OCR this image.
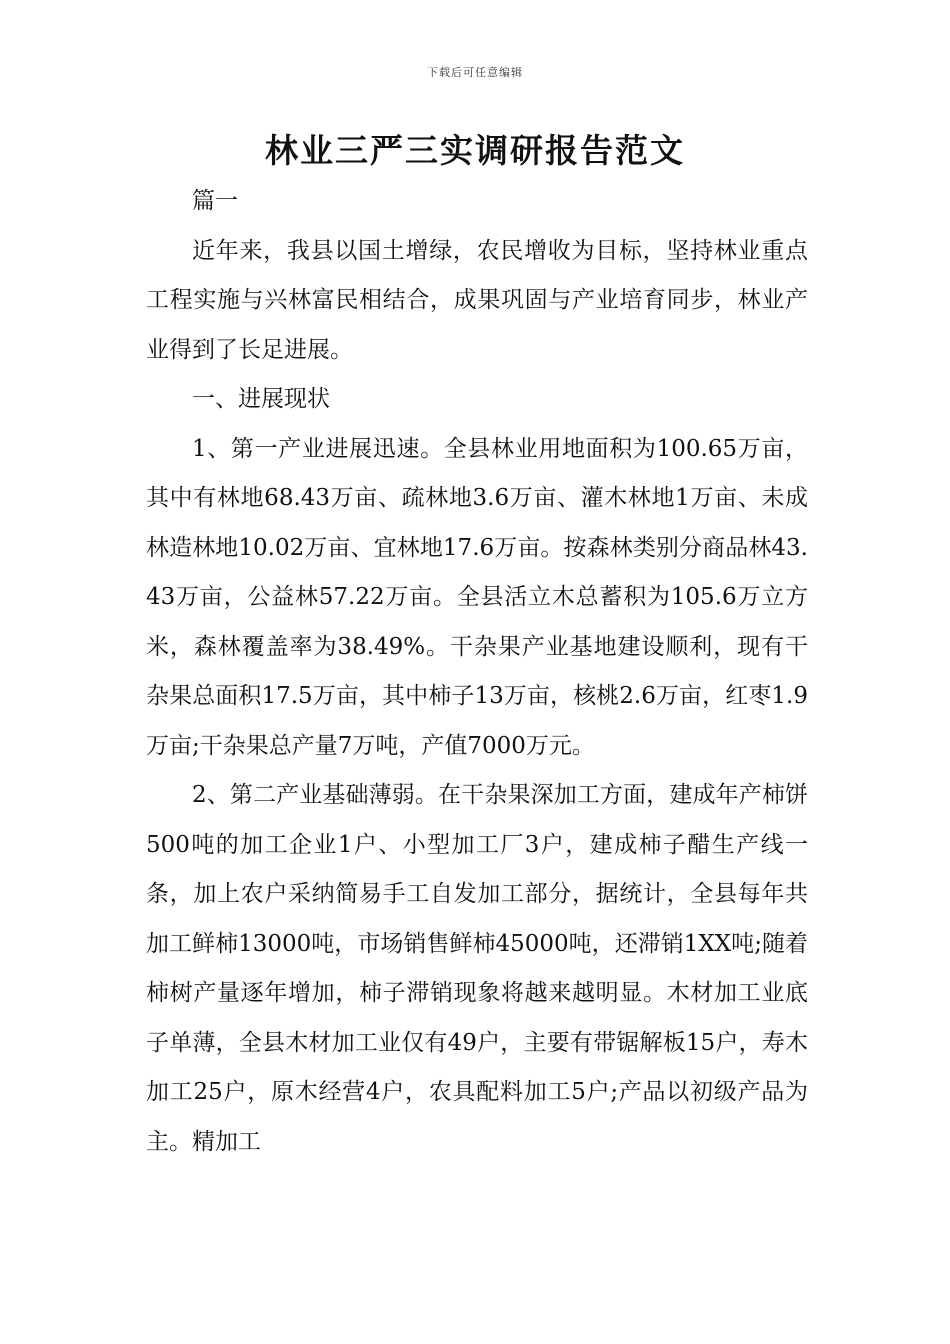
下载后可任意编辑
林业三严三实调研报告范文

篇一

近年来，我县以国土增绿，农民增收为目标，坚持林业重点工程实施与兴林富民相结合，成果巩固与产业培育同步，林业产业得到了长足进展。

一、进展现状

1、第一产业进展迅速。全县林业用地面积为100.65万亩，其中有林地68.43万亩、疏林地3.6万亩、灌木林地1万亩、未成林造林地10.02万亩、宜林地17.6万亩。按森林类别分商品林43.43万亩，公益林57.22万亩。全县活立木总蓄积为105.6万立方米，森林覆盖率为38.49%。干杂果产业基地建设顺利，现有干杂果总面积17.5万亩，其中柿子13万亩，核桃2.6万亩，红枣1.9万亩;干杂果总产量7万吨，产值7000万元。

2、第二产业基础薄弱。在干杂果深加工方面，建成年产柿饼500吨的加工企业1户、小型加工厂3户，建成柿子醋生产线一条，加上农户采纳简易手工自发加工部分，据统计，全县每年共加工鲜柿13000吨，市场销售鲜柿45000吨，还滞销1XX吨;随着柿树产量逐年增加，柿子滞销现象将越来越明显。木材加工业底子单薄，全县木材加工业仅有49户，主要有带锯解板15户，寿木加工25户，原木经营4户，农具配料加工5户;产品以初级产品为主。精加工
